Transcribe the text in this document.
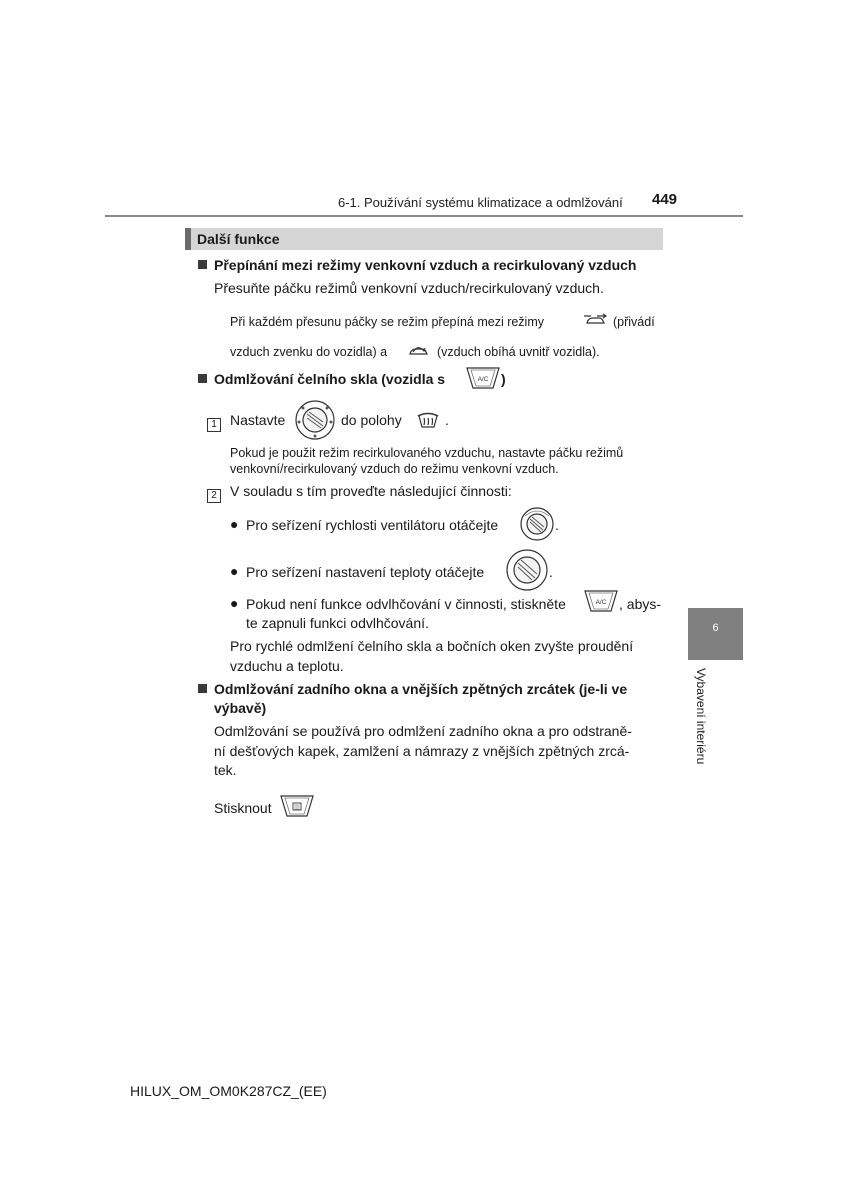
6-1. Používání systému klimatizace a odmlžování 449
Další funkce
Přepínání mezi režimy venkovní vzduch a recirkulovaný vzduch
Přesuňte páčku režimů venkovní vzduch/recirkulovaný vzduch.
Při každém přesunu páčky se režim přepíná mezi režimy	(přivádí
vzduch zvenku do vozidla) a	(vzduch obíhá uvnitř vozidla).
Odmlžování čelního skla (vozidla s	A/C )
1 Nastavte	do polohy	.
Pokud je použit režim recirkulovaného vzduchu, nastavte páčku režimů
venkovní/recirkulovaný vzduch do režimu venkovní vzduch.
2 V souladu s tím proveďte následující činnosti:
● Pro seřízení rychlosti ventilátoru otáčejte	.
● Pro seřízení nastavení teploty otáčejte	.
● Pokud není funkce odvlhčování v činnosti, stiskněte	A/C , abys-
te zapnuli funkci odvlhčování.
Pro rychlé odmlžení čelního skla a bočních oken zvyšte proudění
vzduchu a teplotu.
Odmlžování zadního okna a vnějších zpětných zrcátek (je-li ve
výbavě)
Odmlžování se používá pro odmlžení zadního okna a pro odstraně-
ní dešťových kapek, zamlžení a námrazy z vnějších zpětných zrcá-
tek.
Stisknout
6
Vybavení interiéru
HILUX_OM_OM0K287CZ_(EE)
